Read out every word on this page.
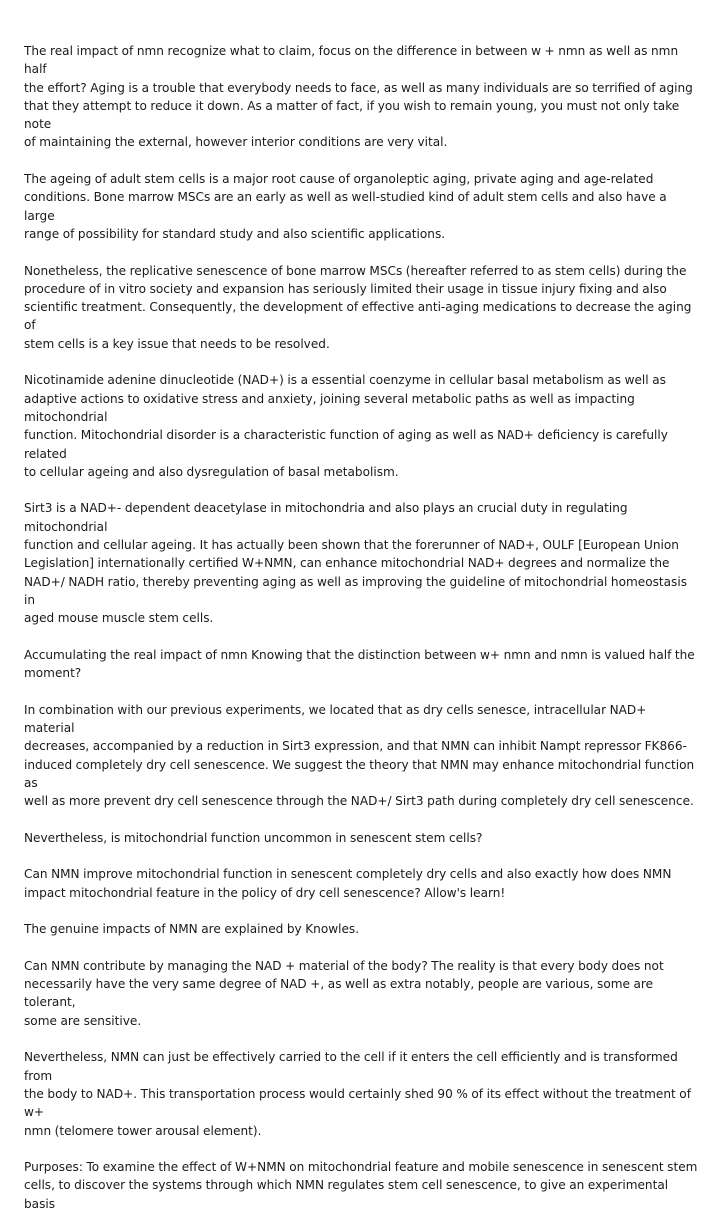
The real impact of nmn recognize what to claim, focus on the difference in between w + nmn as well as nmn half
the effort? Aging is a trouble that everybody needs to face, as well as many individuals are so terrified of aging
that they attempt to reduce it down. As a matter of fact, if you wish to remain young, you must not only take note
of maintaining the external, however interior conditions are very vital.

The ageing of adult stem cells is a major root cause of organoleptic aging, private aging and age-related
conditions. Bone marrow MSCs are an early as well as well-studied kind of adult stem cells and also have a large
range of possibility for standard study and also scientific applications.

Nonetheless, the replicative senescence of bone marrow MSCs (hereafter referred to as stem cells) during the
procedure of in vitro society and expansion has seriously limited their usage in tissue injury fixing and also
scientific treatment. Consequently, the development of effective anti-aging medications to decrease the aging of
stem cells is a key issue that needs to be resolved.

Nicotinamide adenine dinucleotide (NAD+) is a essential coenzyme in cellular basal metabolism as well as
adaptive actions to oxidative stress and anxiety, joining several metabolic paths as well as impacting mitochondrial
function. Mitochondrial disorder is a characteristic function of aging as well as NAD+ deficiency is carefully related
to cellular ageing and also dysregulation of basal metabolism.

Sirt3 is a NAD+- dependent deacetylase in mitochondria and also plays an crucial duty in regulating mitochondrial
function and cellular ageing. It has actually been shown that the forerunner of NAD+, OULF [European Union
Legislation] internationally certified W+NMN, can enhance mitochondrial NAD+ degrees and normalize the
NAD+/ NADH ratio, thereby preventing aging as well as improving the guideline of mitochondrial homeostasis in
aged mouse muscle stem cells.

Accumulating the real impact of nmn Knowing that the distinction between w+ nmn and nmn is valued half the
moment?

In combination with our previous experiments, we located that as dry cells senesce, intracellular NAD+ material
decreases, accompanied by a reduction in Sirt3 expression, and that NMN can inhibit Nampt repressor FK866-
induced completely dry cell senescence. We suggest the theory that NMN may enhance mitochondrial function as
well as more prevent dry cell senescence through the NAD+/ Sirt3 path during completely dry cell senescence.

Nevertheless, is mitochondrial function uncommon in senescent stem cells?

Can NMN improve mitochondrial function in senescent completely dry cells and also exactly how does NMN
impact mitochondrial feature in the policy of dry cell senescence? Allow's learn!

The genuine impacts of NMN are explained by Knowles.

Can NMN contribute by managing the NAD + material of the body? The reality is that every body does not
necessarily have the very same degree of NAD +, as well as extra notably, people are various, some are tolerant,
some are sensitive.

Nevertheless, NMN can just be effectively carried to the cell if it enters the cell efficiently and is transformed from
the body to NAD+. This transportation process would certainly shed 90 % of its effect without the treatment of w+
nmn (telomere tower arousal element).

Purposes: To examine the effect of W+NMN on mitochondrial feature and mobile senescence in senescent stem
cells, to discover the systems through which NMN regulates stem cell senescence, to give an experimental basis
